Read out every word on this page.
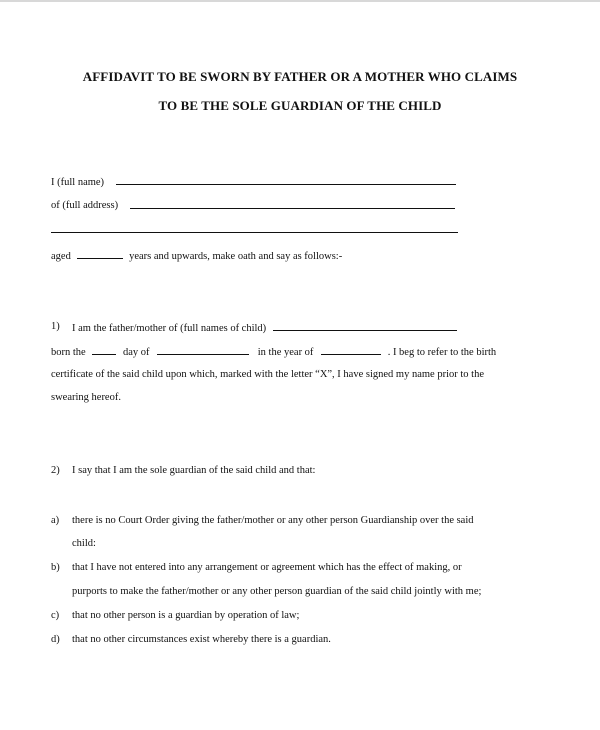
AFFIDAVIT TO BE SWORN BY FATHER OR A MOTHER WHO CLAIMS
TO BE THE SOLE GUARDIAN OF THE CHILD
I (full name)
of (full address)
aged	years and upwards, make oath and say as follows:-
1) I am the father/mother of (full names of child)
born the	day of	in the year of	. I beg to refer to the birth
certificate of the said child upon which, marked with the letter “X”, I have signed my name prior to the
swearing hereof.
2) I say that I am the sole guardian of the said child and that:
a) there is no Court Order giving the father/mother or any other person Guardianship over the said
child:
b) that I have not entered into any arrangement or agreement which has the effect of making, or
purports to make the father/mother or any other person guardian of the said child jointly with me;
c) that no other person is a guardian by operation of law;
d) that no other circumstances exist whereby there is a guardian.
